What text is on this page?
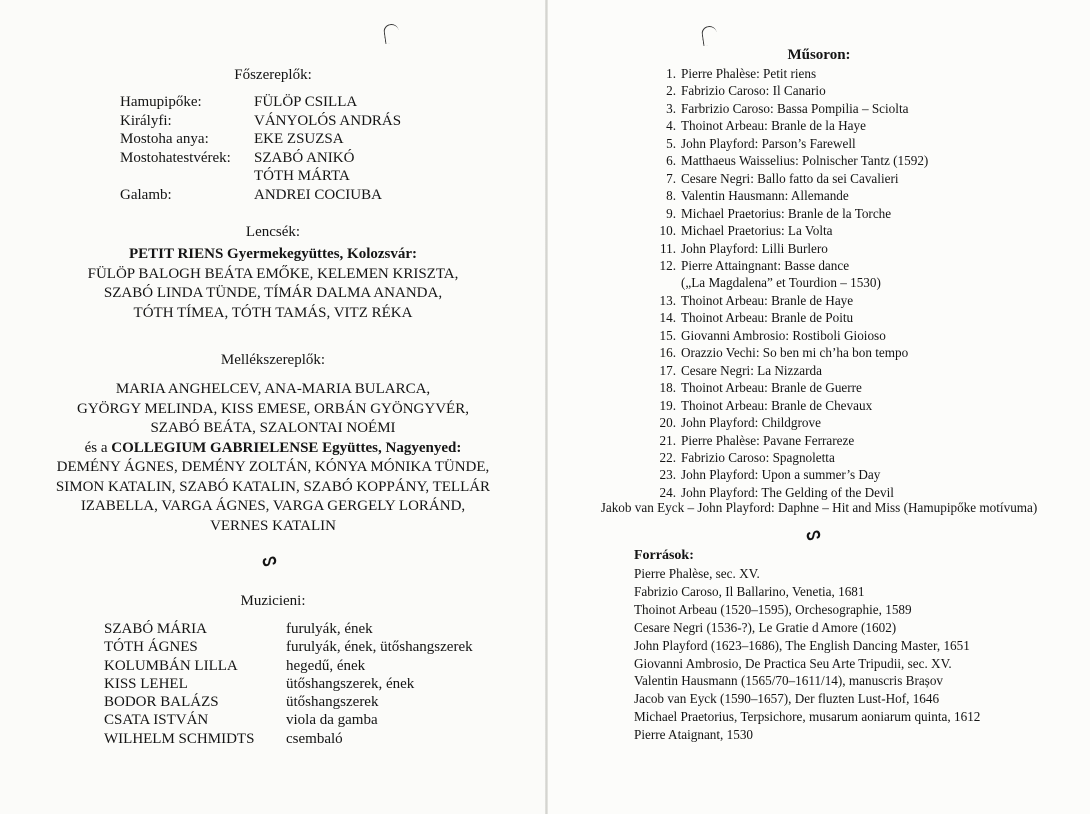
Főszereplők:
Hamupipőke:	FÜLÖP CSILLA
Királyfi:	VÁNYOLÓS ANDRÁS
Mostoha anya:	EKE ZSUZSA
Mostohatestvérek:	SZABÓ ANIKÓ
TÓTH MÁRTA
Galamb:	ANDREI COCIUBA
Lencsék:
PETIT RIENS Gyermekegyüttes, Kolozsvár:
FÜLÖP BALOGH BEÁTA EMŐKE, KELEMEN KRISZTA,
SZABÓ LINDA TÜNDE, TÍMÁR DALMA ANANDA,
TÓTH TÍMEA, TÓTH TAMÁS, VITZ RÉKA
Mellékszereplők:
MARIA ANGHELCEV, ANA-MARIA BULARCA,
GYÖRGY MELINDA, KISS EMESE, ORBÁN GYÖNGYVÉR,
SZABÓ BEÁTA, SZALONTAI NOÉMI
és a COLLEGIUM GABRIELENSE Együttes, Nagyenyed:
DEMÉNY ÁGNES, DEMÉNY ZOLTÁN, KÓNYA MÓNIKA TÜNDE,
SIMON KATALIN, SZABÓ KATALIN, SZABÓ KOPPÁNY, TELLÁR
IZABELLA, VARGA ÁGNES, VARGA GERGELY LORÁND,
VERNES KATALIN
ᔕ
Muzicieni:
SZABÓ MÁRIA	furulyák, ének
TÓTH ÁGNES	furulyák, ének, ütőshangszerek
KOLUMBÁN LILLA	hegedű, ének
KISS LEHEL	ütőshangszerek, ének
BODOR BALÁZS	ütőshangszerek
CSATA ISTVÁN	viola da gamba
WILHELM SCHMIDTS	csembaló
Műsoron:
1. Pierre Phalèse: Petit riens
2. Fabrizio Caroso: Il Canario
3. Farbrizio Caroso: Bassa Pompilia – Sciolta
4. Thoinot Arbeau: Branle de la Haye
5. John Playford: Parson’s Farewell
6. Matthaeus Waisselius: Polnischer Tantz (1592)
7. Cesare Negri: Ballo fatto da sei Cavalieri
8. Valentin Hausmann: Allemande
9. Michael Praetorius: Branle de la Torche
10. Michael Praetorius: La Volta
11. John Playford: Lilli Burlero
12. Pierre Attaingnant: Basse dance
(„La Magdalena” et Tourdion – 1530)
13. Thoinot Arbeau: Branle de Haye
14. Thoinot Arbeau: Branle de Poitu
15. Giovanni Ambrosio: Rostiboli Gioioso
16. Orazzio Vechi: So ben mi ch’ha bon tempo
17. Cesare Negri: La Nizzarda
18. Thoinot Arbeau: Branle de Guerre
19. Thoinot Arbeau: Branle de Chevaux
20. John Playford: Childgrove
21. Pierre Phalèse: Pavane Ferrareze
22. Fabrizio Caroso: Spagnoletta
23. John Playford: Upon a summer’s Day
24. John Playford: The Gelding of the Devil
Jakob van Eyck – John Playford: Daphne – Hit and Miss (Hamupipőke motívuma)
ᔕ
Források:
Pierre Phalèse, sec. XV.
Fabrizio Caroso, Il Ballarino, Venetia, 1681
Thoinot Arbeau (1520–1595), Orchesographie, 1589
Cesare Negri (1536-?), Le Gratie d Amore (1602)
John Playford (1623–1686), The English Dancing Master, 1651
Giovanni Ambrosio, De Practica Seu Arte Tripudii, sec. XV.
Valentin Hausmann (1565/70–1611/14), manuscris Brașov
Jacob van Eyck (1590–1657), Der fluzten Lust-Hof, 1646
Michael Praetorius, Terpsichore, musarum aoniarum quinta, 1612
Pierre Ataignant, 1530
